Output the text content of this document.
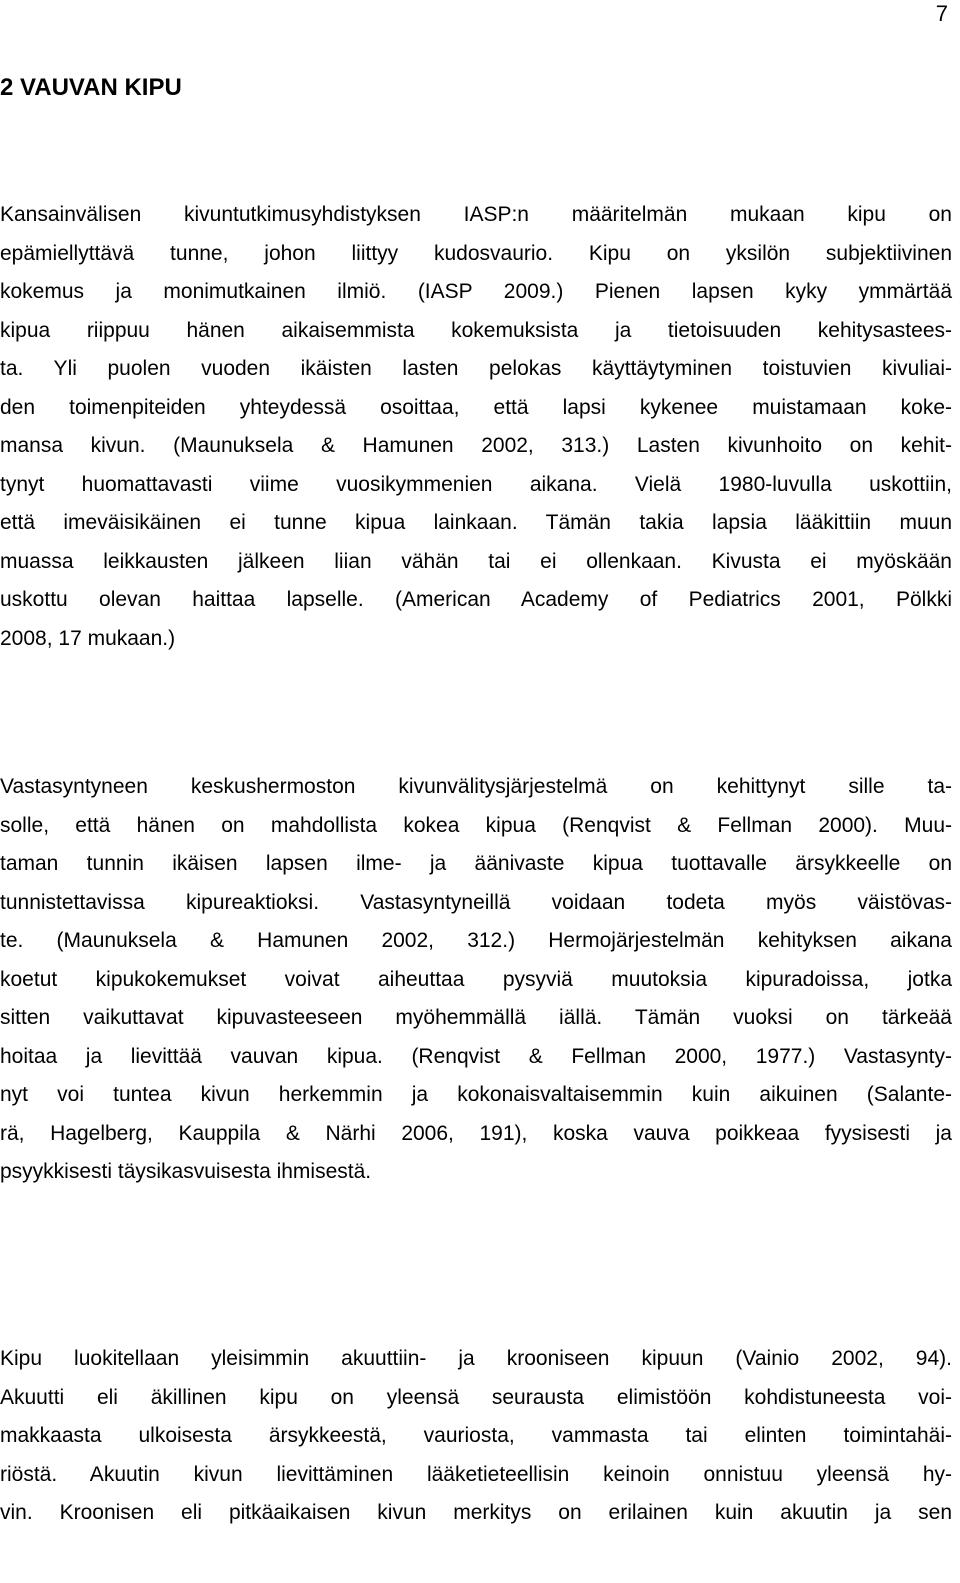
7
2 VAUVAN KIPU
Kansainvälisen kivuntutkimusyhdistyksen IASP:n määritelmän mukaan kipu on
epämiellyttävä tunne, johon liittyy kudosvaurio. Kipu on yksilön subjektiivinen
kokemus ja monimutkainen ilmiö. (IASP 2009.) Pienen lapsen kyky ymmärtää
kipua riippuu hänen aikaisemmista kokemuksista ja tietoisuuden kehitysastees-
ta. Yli puolen vuoden ikäisten lasten pelokas käyttäytyminen toistuvien kivuliai-
den toimenpiteiden yhteydessä osoittaa, että lapsi kykenee muistamaan koke-
mansa kivun. (Maunuksela & Hamunen 2002, 313.) Lasten kivunhoito on kehit-
tynyt huomattavasti viime vuosikymmenien aikana. Vielä 1980-luvulla uskottiin,
että imeväisikäinen ei tunne kipua lainkaan. Tämän takia lapsia lääkittiin muun
muassa leikkausten jälkeen liian vähän tai ei ollenkaan. Kivusta ei myöskään
uskottu olevan haittaa lapselle. (American Academy of Pediatrics 2001, Pölkki
2008, 17 mukaan.)
Vastasyntyneen keskushermoston kivunvälitysjärjestelmä on kehittynyt sille ta-
solle, että hänen on mahdollista kokea kipua (Renqvist & Fellman 2000). Muu-
taman tunnin ikäisen lapsen ilme- ja äänivaste kipua tuottavalle ärsykkeelle on
tunnistettavissa kipureaktioksi. Vastasyntyneillä voidaan todeta myös väistövas-
te. (Maunuksela & Hamunen 2002, 312.) Hermojärjestelmän kehityksen aikana
koetut kipukokemukset voivat aiheuttaa pysyviä muutoksia kipuradoissa, jotka
sitten vaikuttavat kipuvasteeseen myöhemmällä iällä. Tämän vuoksi on tärkeää
hoitaa ja lievittää vauvan kipua. (Renqvist & Fellman 2000, 1977.) Vastasynty-
nyt voi tuntea kivun herkemmin ja kokonaisvaltaisemmin kuin aikuinen (Salante-
rä, Hagelberg, Kauppila & Närhi 2006, 191), koska vauva poikkeaa fyysisesti ja
psyykkisesti täysikasvuisesta ihmisestä.
Kipu luokitellaan yleisimmin akuuttiin- ja krooniseen kipuun (Vainio 2002, 94).
Akuutti eli äkillinen kipu on yleensä seurausta elimistöön kohdistuneesta voi-
makkaasta ulkoisesta ärsykkeestä, vauriosta, vammasta tai elinten toimintahäi-
riöstä. Akuutin kivun lievittäminen lääketieteellisin keinoin onnistuu yleensä hy-
vin. Kroonisen eli pitkäaikaisen kivun merkitys on erilainen kuin akuutin ja sen
